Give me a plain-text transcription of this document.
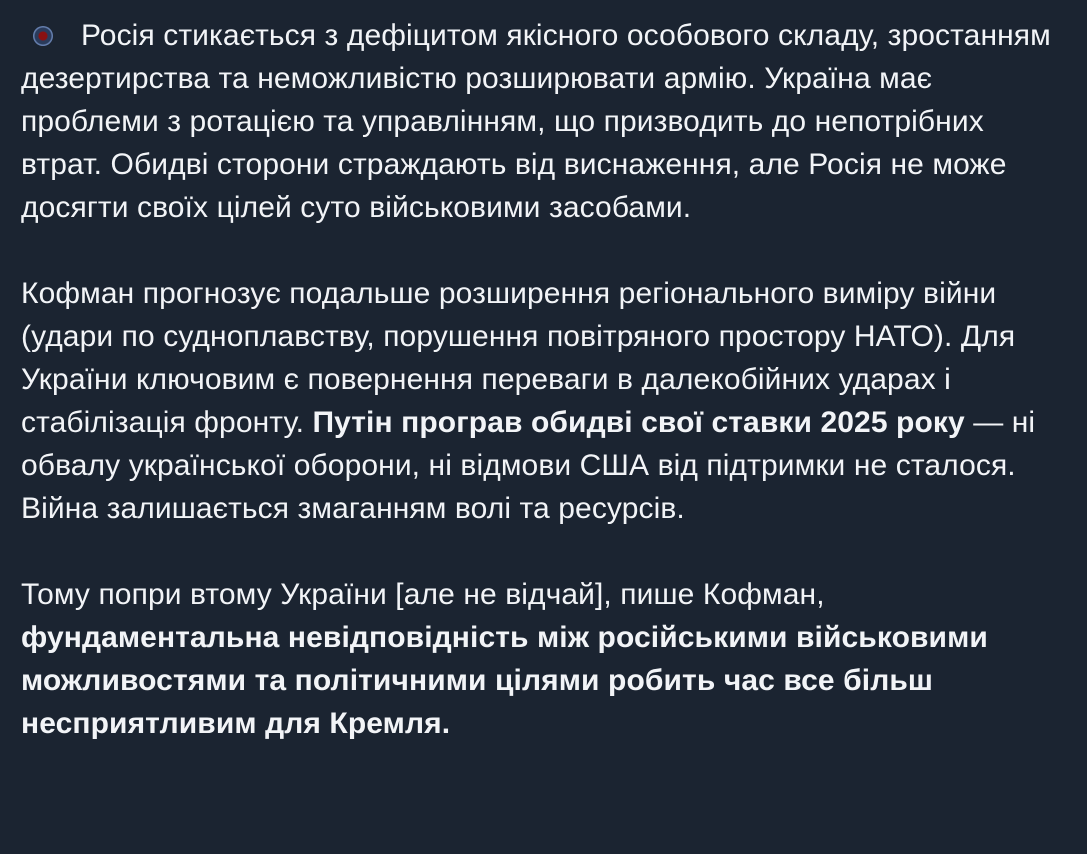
Росія стикається з дефіцитом якісного особового складу, зростанням дезертирства та неможливістю розширювати армію. Україна має проблеми з ротацією та управлінням, що призводить до непотрібних втрат. Обидві сторони страждають від виснаження, але Росія не може досягти своїх цілей суто військовими засобами.

Кофман прогнозує подальше розширення регіонального виміру війни (удари по судноплавству, порушення повітряного простору НАТО). Для України ключовим є повернення переваги в далекобійних ударах і стабілізація фронту. Путін програв обидві свої ставки 2025 року — ні обвалу української оборони, ні відмови США від підтримки не сталося. Війна залишається змаганням волі та ресурсів.

Тому попри втому України [але не відчай], пише Кофман, фундаментальна невідповідність між російськими військовими можливостями та політичними цілями робить час все більш несприятливим для Кремля.
